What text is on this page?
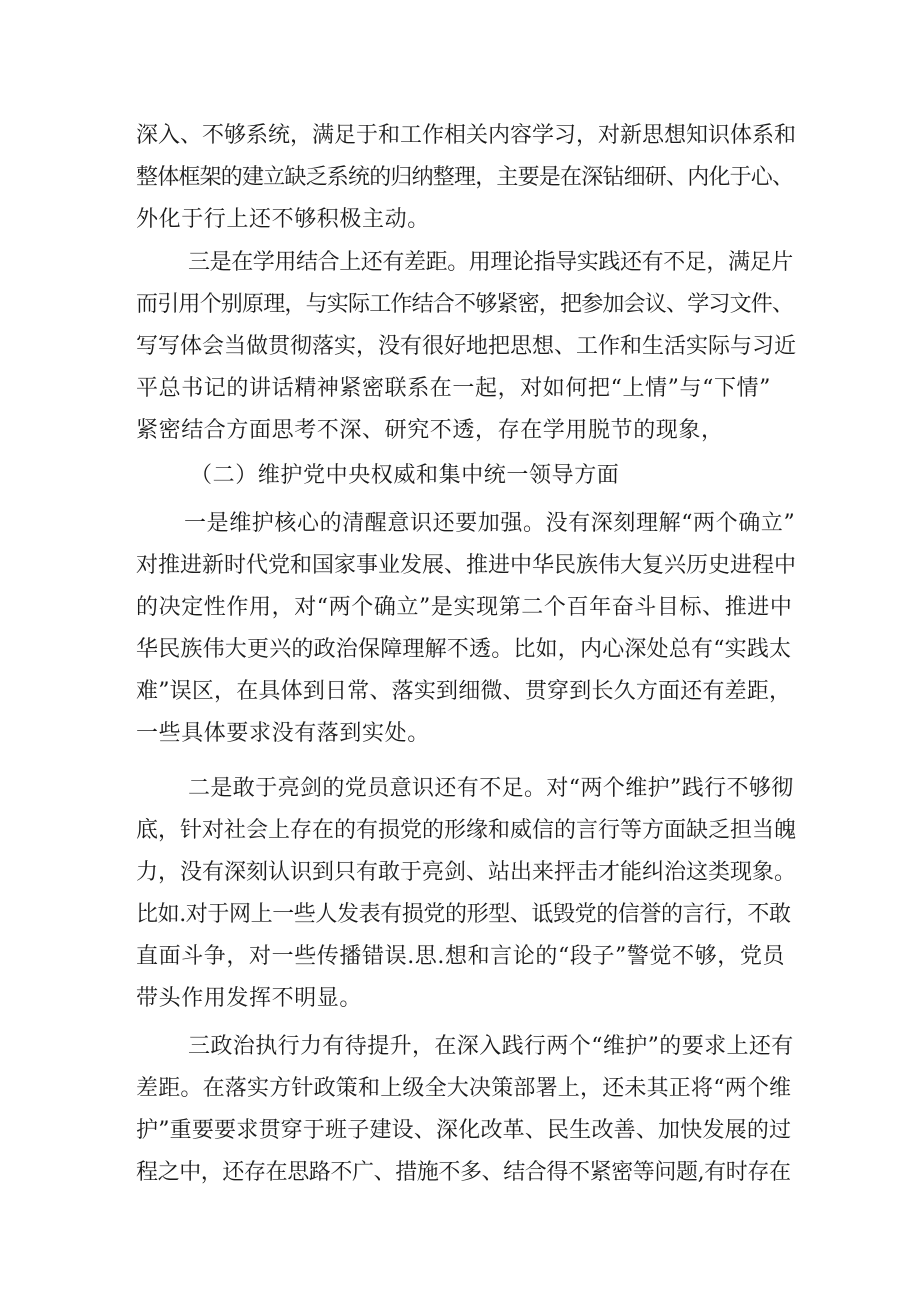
深入、不够系统，满足于和工作相关内容学习，对新思想知识体系和
整体框架的建立缺乏系统的归纳整理，主要是在深钻细研、内化于心、
外化于行上还不够积极主动。
三是在学用结合上还有差距。用理论指导实践还有不足，满足片
而引用个别原理，与实际工作结合不够紧密，把参加会议、学习文件、
写写体会当做贯彻落实，没有很好地把思想、工作和生活实际与习近
平总书记的讲话精神紧密联系在一起，对如何把“上情”与“下情”
紧密结合方面思考不深、研究不透，存在学用脱节的现象，
（二）维护党中央权威和集中统一领导方面
一是维护核心的清醒意识还要加强。没有深刻理解“两个确立”
对推进新时代党和国家事业发展、推进中华民族伟大复兴历史进程中
的决定性作用，对“两个确立”是实现第二个百年奋斗目标、推进中
华民族伟大更兴的政治保障理解不透。比如，内心深处总有“实践太
难”误区，在具体到日常、落实到细微、贯穿到长久方面还有差距，
一些具体要求没有落到实处。
二是敢于亮剑的党员意识还有不足。对“两个维护”践行不够彻
底，针对社会上存在的有损党的形缘和威信的言行等方面缺乏担当魄
力，没有深刻认识到只有敢于亮剑、站出来抨击才能纠治这类现象。
比如.对于网上一些人发表有损党的形型、诋毁党的信誉的言行，不敢
直面斗争，对一些传播错误.思.想和言论的“段子”警觉不够，党员
带头作用发挥不明显。
三政治执行力有待提升，在深入践行两个“维护”的要求上还有
差距。在落实方针政策和上级全大决策部署上，还未其正将“两个维
护”重要要求贯穿于班子建设、深化改革、民生改善、加快发展的过
程之中，还存在思路不广、措施不多、结合得不紧密等问题,有时存在
